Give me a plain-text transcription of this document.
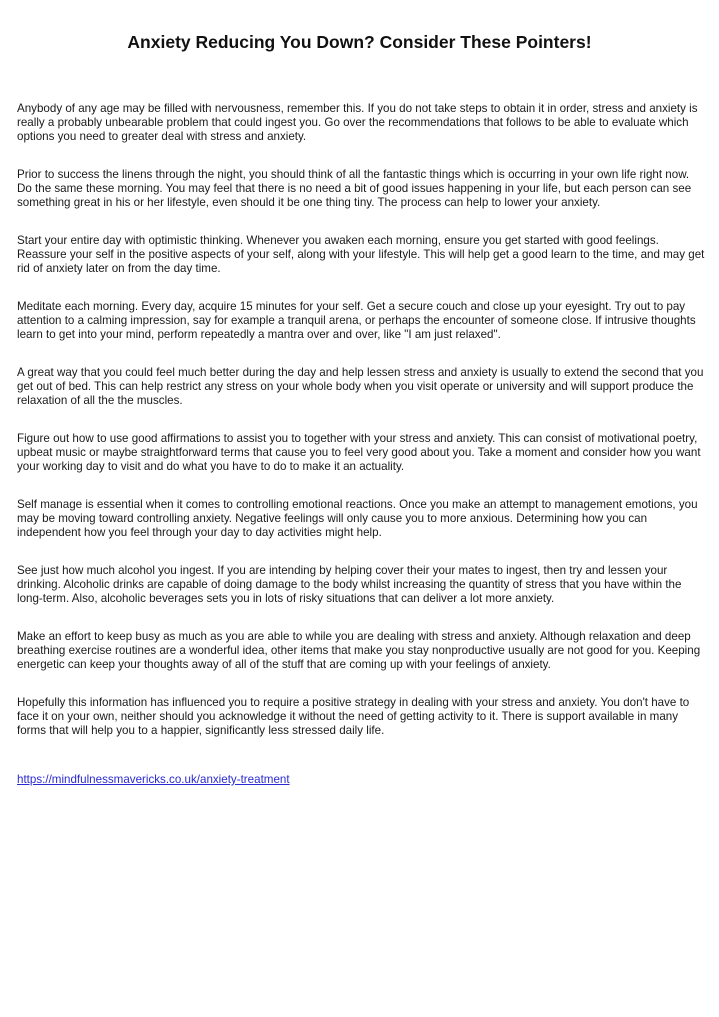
Anxiety Reducing You Down? Consider These Pointers!

Anybody of any age may be filled with nervousness, remember this. If you do not take steps to obtain it in order, stress and anxiety is really a probably unbearable problem that could ingest you. Go over the recommendations that follows to be able to evaluate which options you need to greater deal with stress and anxiety.

Prior to success the linens through the night, you should think of all the fantastic things which is occurring in your own life right now. Do the same these morning. You may feel that there is no need a bit of good issues happening in your life, but each person can see something great in his or her lifestyle, even should it be one thing tiny. The process can help to lower your anxiety.

Start your entire day with optimistic thinking. Whenever you awaken each morning, ensure you get started with good feelings. Reassure your self in the positive aspects of your self, along with your lifestyle. This will help get a good learn to the time, and may get rid of anxiety later on from the day time.

Meditate each morning. Every day, acquire 15 minutes for your self. Get a secure couch and close up your eyesight. Try out to pay attention to a calming impression, say for example a tranquil arena, or perhaps the encounter of someone close. If intrusive thoughts learn to get into your mind, perform repeatedly a mantra over and over, like "I am just relaxed".

A great way that you could feel much better during the day and help lessen stress and anxiety is usually to extend the second that you get out of bed. This can help restrict any stress on your whole body when you visit operate or university and will support produce the relaxation of all the the muscles.

Figure out how to use good affirmations to assist you to together with your stress and anxiety. This can consist of motivational poetry, upbeat music or maybe straightforward terms that cause you to feel very good about you. Take a moment and consider how you want your working day to visit and do what you have to do to make it an actuality.

Self manage is essential when it comes to controlling emotional reactions. Once you make an attempt to management emotions, you may be moving toward controlling anxiety. Negative feelings will only cause you to more anxious. Determining how you can independent how you feel through your day to day activities might help.

See just how much alcohol you ingest. If you are intending by helping cover their your mates to ingest, then try and lessen your drinking. Alcoholic drinks are capable of doing damage to the body whilst increasing the quantity of stress that you have within the long-term. Also, alcoholic beverages sets you in lots of risky situations that can deliver a lot more anxiety.

Make an effort to keep busy as much as you are able to while you are dealing with stress and anxiety. Although relaxation and deep breathing exercise routines are a wonderful idea, other items that make you stay nonproductive usually are not good for you. Keeping energetic can keep your thoughts away of all of the stuff that are coming up with your feelings of anxiety.

Hopefully this information has influenced you to require a positive strategy in dealing with your stress and anxiety. You don't have to face it on your own, neither should you acknowledge it without the need of getting activity to it. There is support available in many forms that will help you to a happier, significantly less stressed daily life.

https://mindfulnessmavericks.co.uk/anxiety-treatment
